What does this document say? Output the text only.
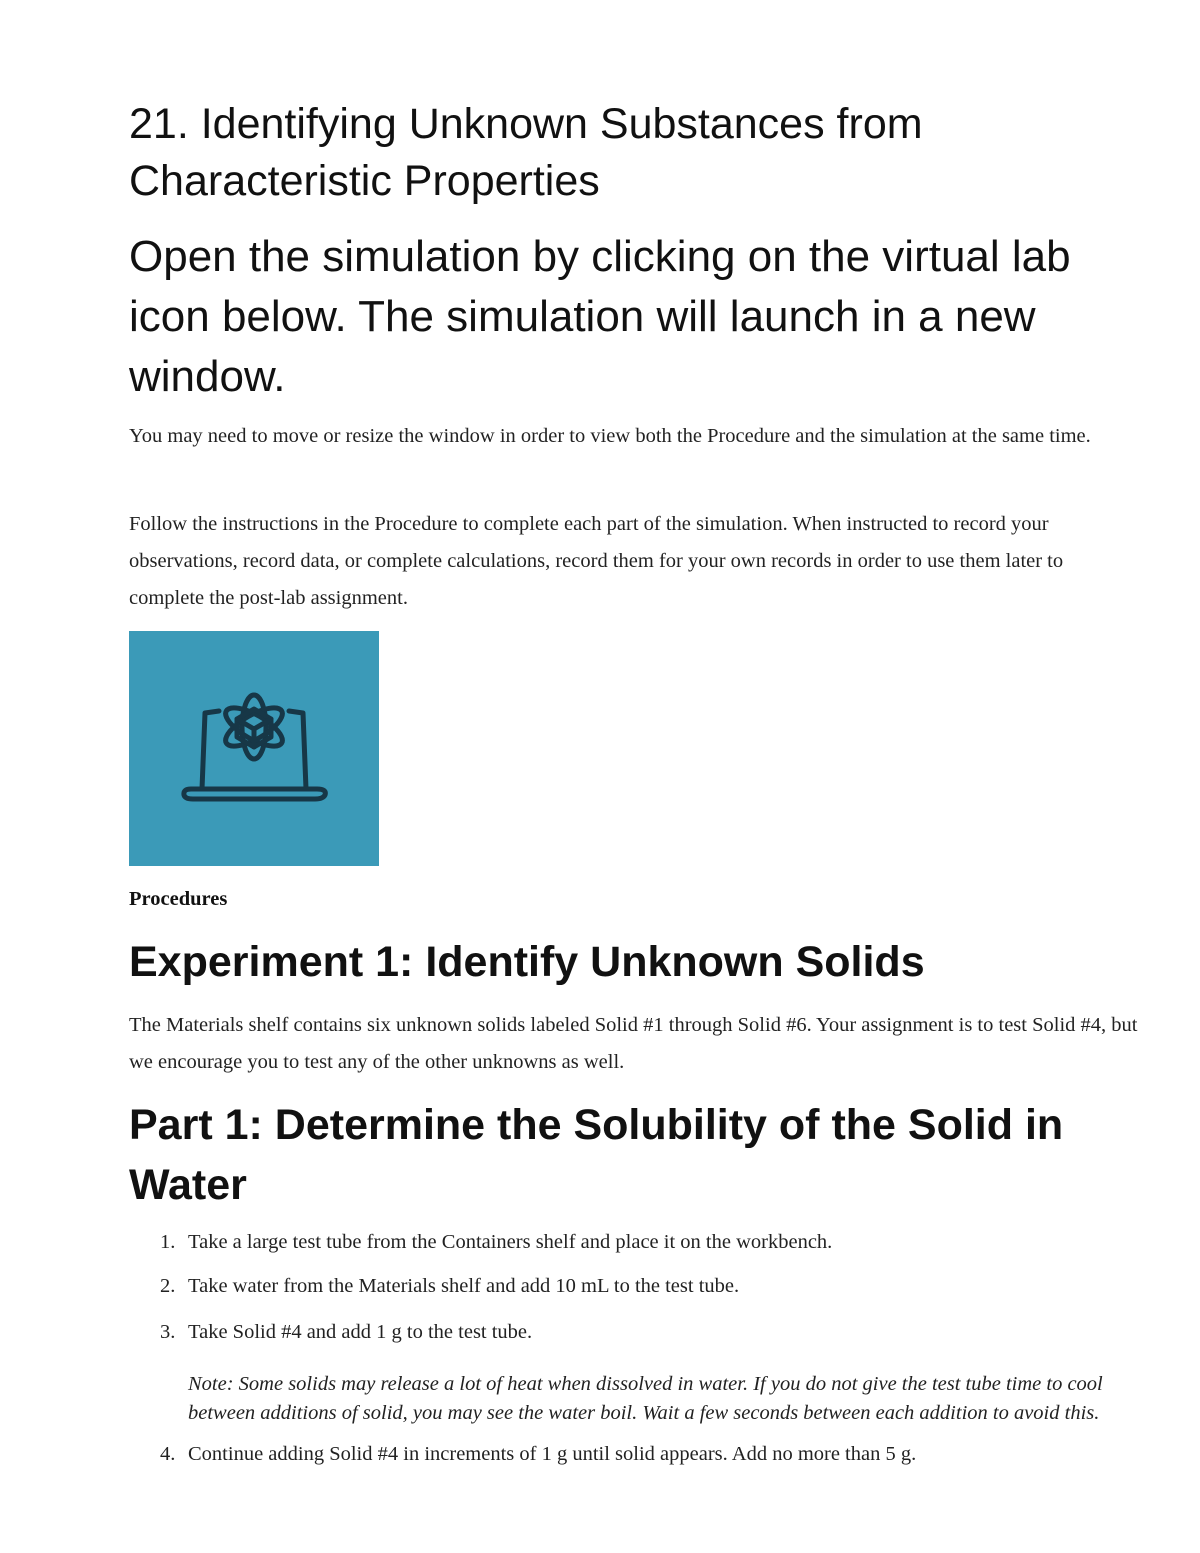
21. Identifying Unknown Substances from Characteristic Properties
Open the simulation by clicking on the virtual lab icon below. The simulation will launch in a new window.

You may need to move or resize the window in order to view both the Procedure and the simulation at the same time.

Follow the instructions in the Procedure to complete each part of the simulation. When instructed to record your observations, record data, or complete calculations, record them for your own records in order to use them later to complete the post-lab assignment.

Procedures

Experiment 1: Identify Unknown Solids

The Materials shelf contains six unknown solids labeled Solid #1 through Solid #6. Your assignment is to test Solid #4, but we encourage you to test any of the other unknowns as well.

Part 1: Determine the Solubility of the Solid in Water
1. Take a large test tube from the Containers shelf and place it on the workbench.
2. Take water from the Materials shelf and add 10 mL to the test tube.
3. Take Solid #4 and add 1 g to the test tube.

Note: Some solids may release a lot of heat when dissolved in water. If you do not give the test tube time to cool between additions of solid, you may see the water boil. Wait a few seconds between each addition to avoid this.

4. Continue adding Solid #4 in increments of 1 g until solid appears. Add no more than 5 g.
